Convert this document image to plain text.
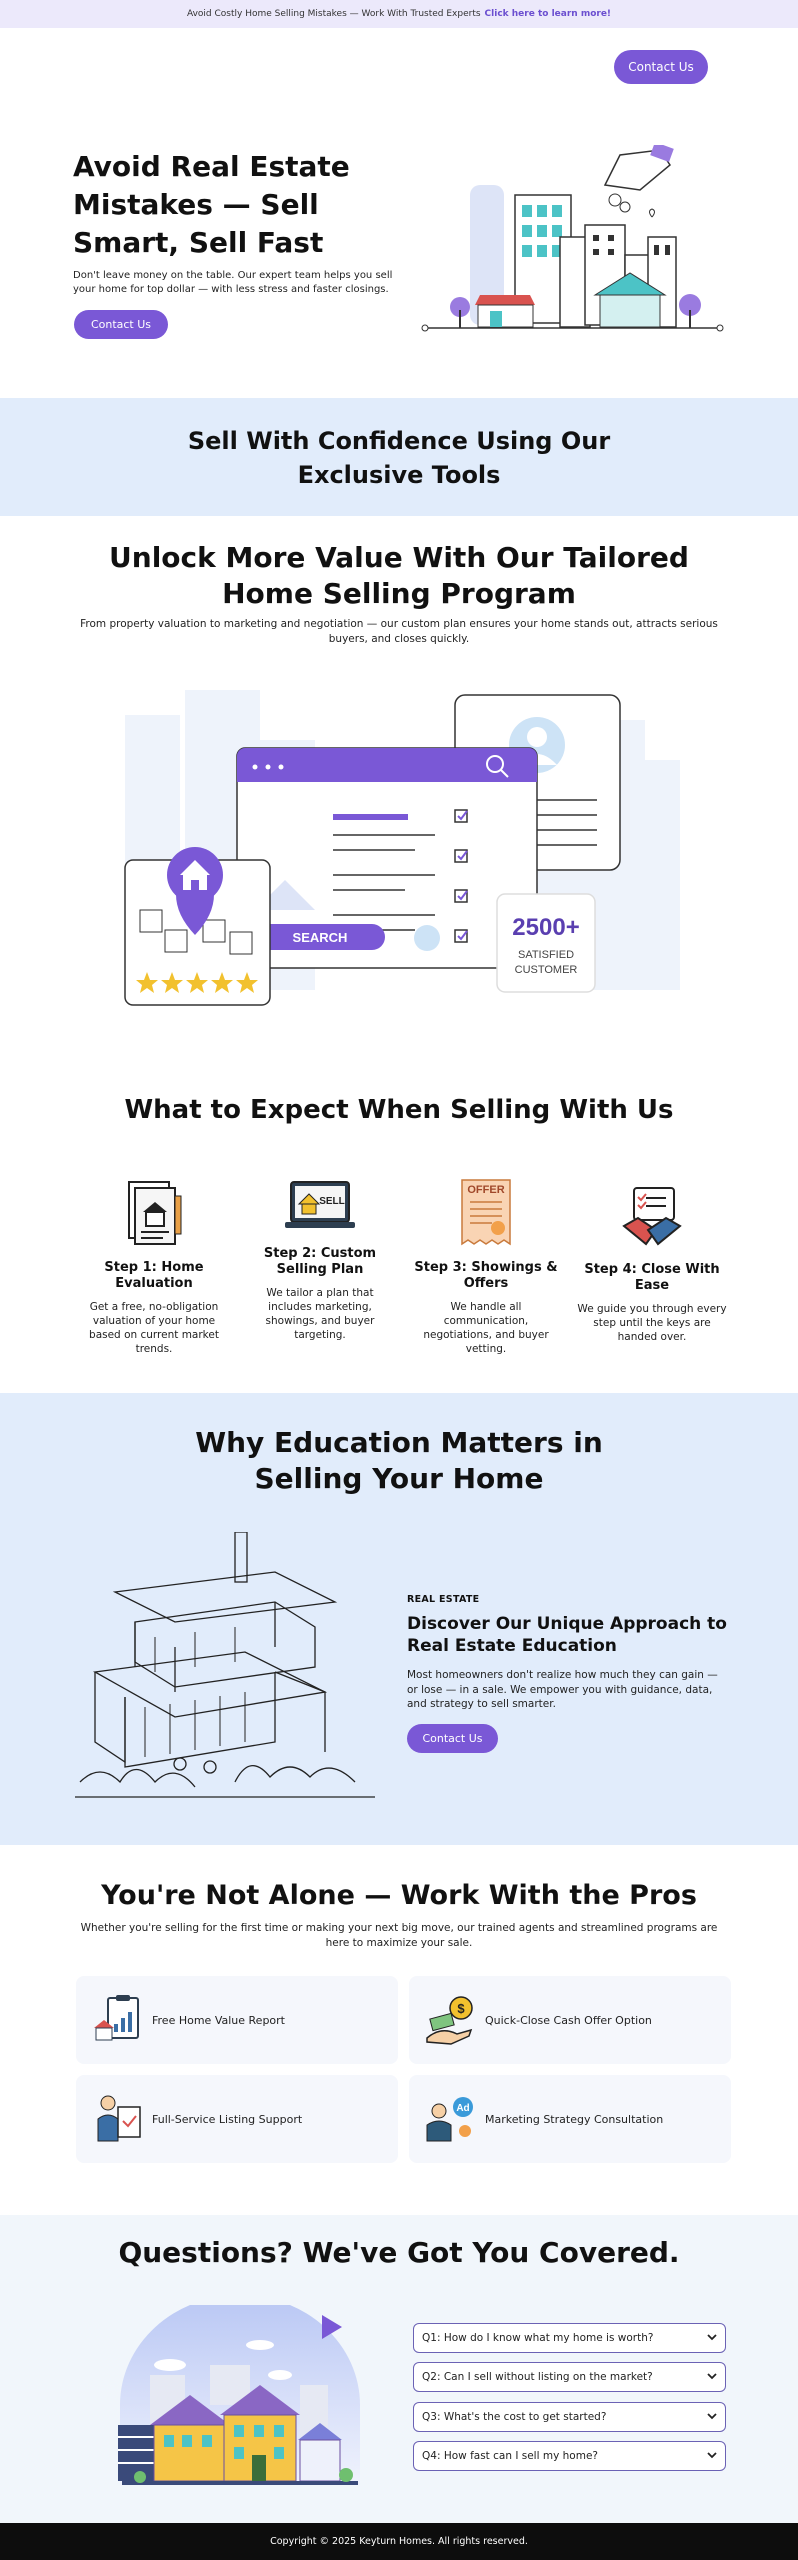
Avoid Costly Home Selling Mistakes — Work With Trusted Experts Click here to learn more!
Contact Us
Avoid Real Estate Mistakes — Sell Smart, Sell Fast
Don't leave money on the table. Our expert team helps you sell your home for top dollar — with less stress and faster closings.
Contact Us
Sell With Confidence Using Our Exclusive Tools
Unlock More Value With Our Tailored Home Selling Program
From property valuation to marketing and negotiation — our custom plan ensures your home stands out, attracts serious buyers, and closes quickly.
SEARCH	2500+
SATISFIED
CUSTOMER
What to Expect When Selling With Us
Step 1: Home Evaluation
Get a free, no-obligation valuation of your home based on current market trends.
SELL
Step 2: Custom Selling Plan
We tailor a plan that includes marketing, showings, and buyer targeting.
OFFER
Step 3: Showings & Offers
We handle all communication, negotiations, and buyer vetting.
Step 4: Close With Ease
We guide you through every step until the keys are handed over.
Why Education Matters in Selling Your Home
REAL ESTATE
Discover Our Unique Approach to Real Estate Education
Most homeowners don't realize how much they can gain — or lose — in a sale. We empower you with guidance, data, and strategy to sell smarter.
Contact Us
You're Not Alone — Work With the Pros
Whether you're selling for the first time or making your next big move, our trained agents and streamlined programs are here to maximize your sale.
Free Home Value Report
$
Quick-Close Cash Offer Option
Full-Service Listing Support
Ad
Marketing Strategy Consultation
Questions? We've Got You Covered.
Q1: How do I know what my home is worth?
Q2: Can I sell without listing on the market?
Q3: What's the cost to get started?
Q4: How fast can I sell my home?
Copyright © 2025 Keyturn Homes. All rights reserved.
